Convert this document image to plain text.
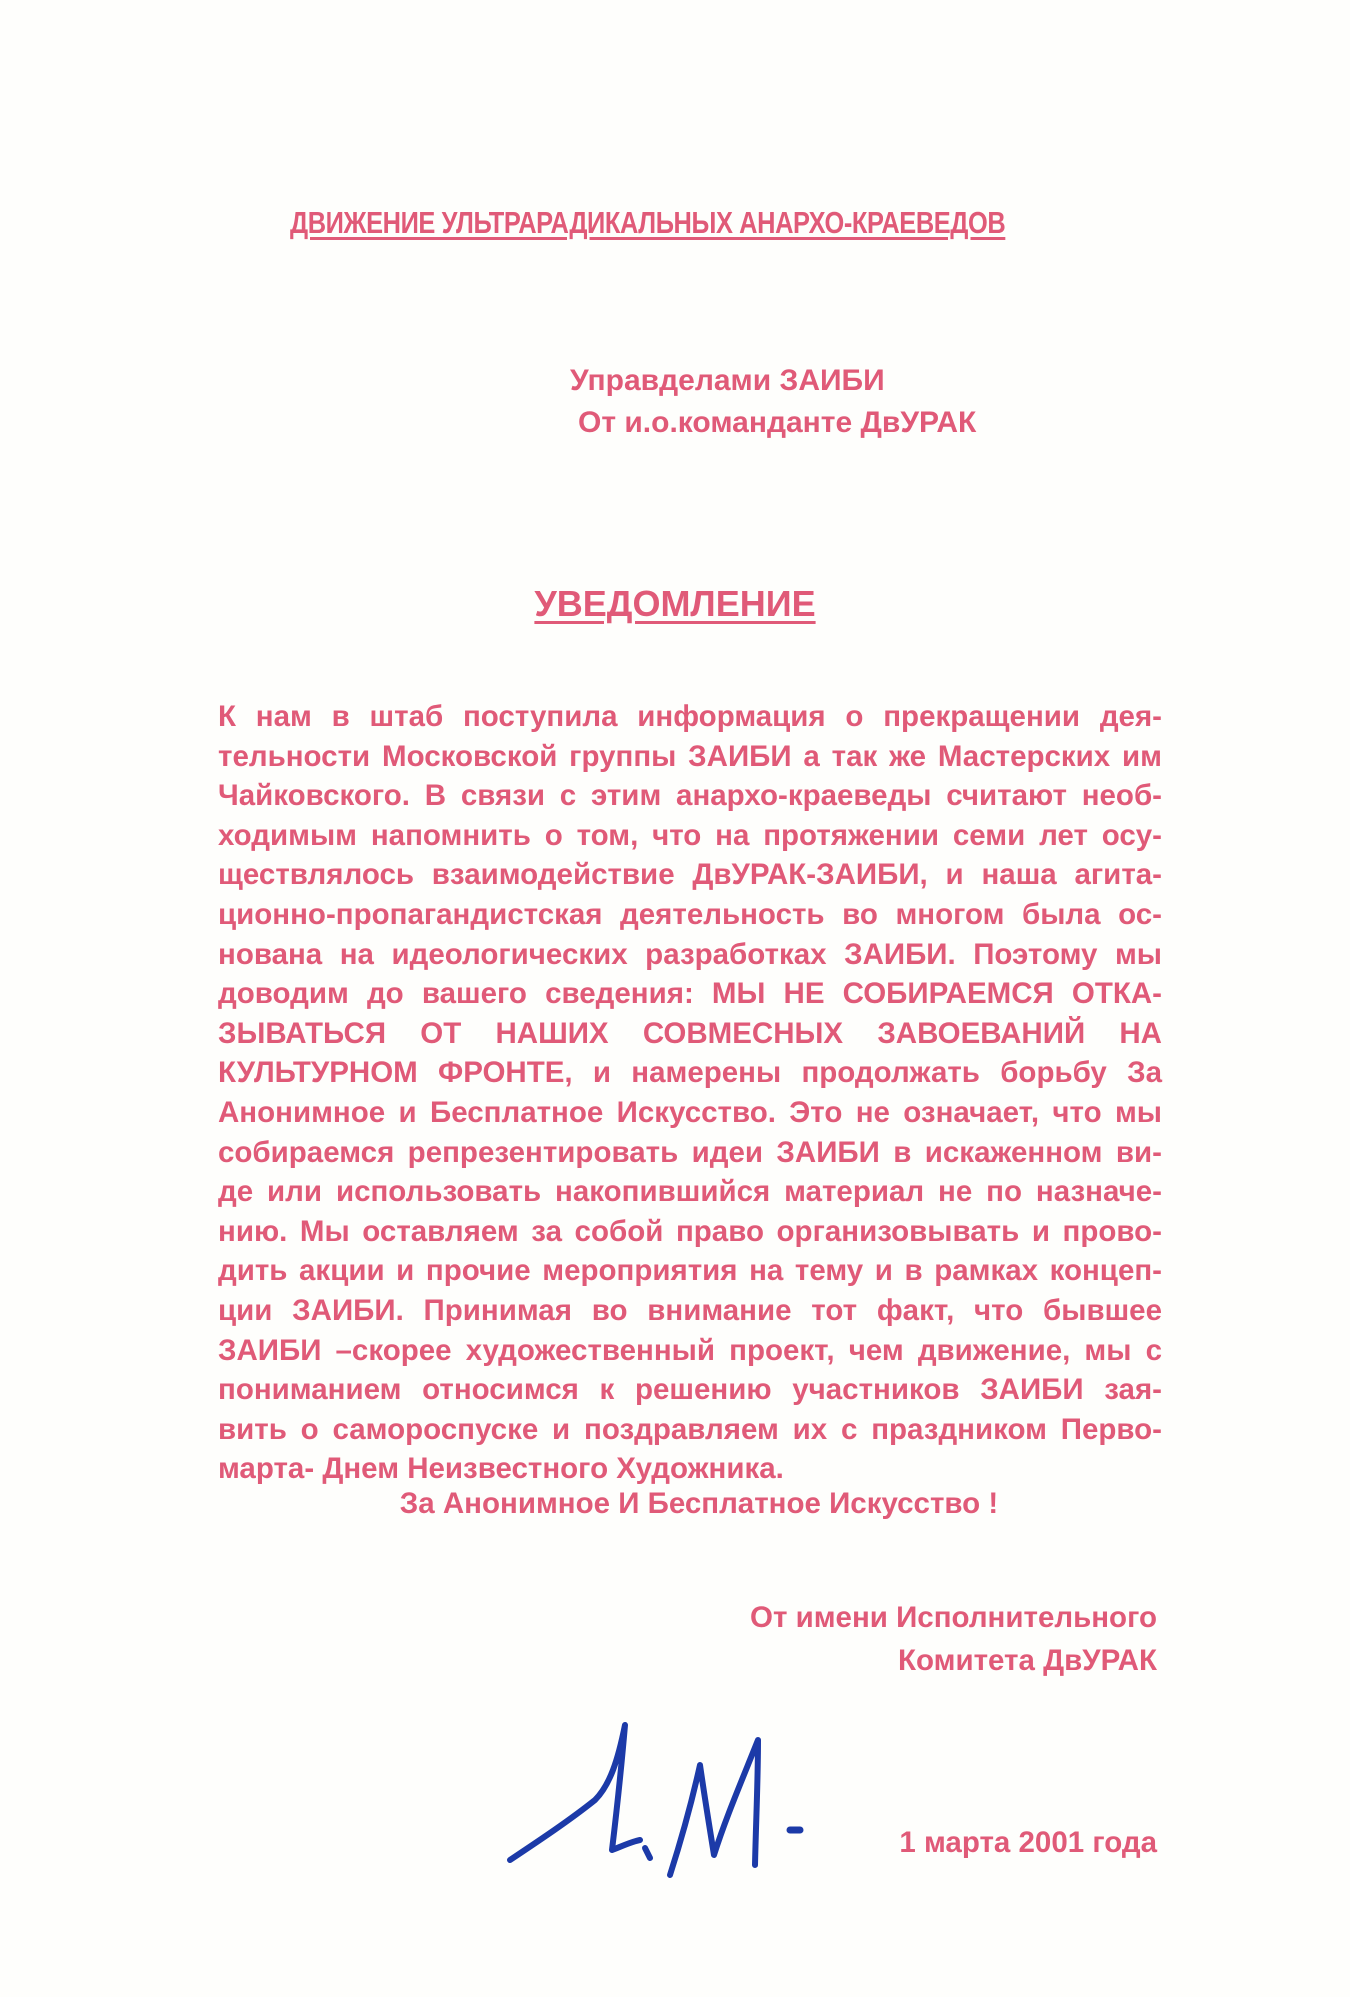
ДВИЖЕНИЕ УЛЬТРАРАДИКАЛЬНЫХ АНАРХО-КРАЕВЕДОВ
Управделами ЗАИБИ
От и.о.команданте ДвУРАК
УВЕДОМЛЕНИЕ
К нам в штаб поступила информация о прекращении дея-
тельности Московской группы ЗАИБИ а так же Мастерских им
Чайковского. В связи с этим анархо-краеведы считают необ-
ходимым напомнить о том, что на протяжении семи лет осу-
ществлялось взаимодействие ДвУРАК-ЗАИБИ, и наша агита-
ционно-пропагандистская деятельность во многом была ос-
нована на идеологических разработках ЗАИБИ. Поэтому мы
доводим до вашего сведения: МЫ НЕ СОБИРАЕМСЯ ОТКА-
ЗЫВАТЬСЯ ОТ НАШИХ СОВМЕСНЫХ ЗАВОЕВАНИЙ НА
КУЛЬТУРНОМ ФРОНТЕ, и намерены продолжать борьбу За
Анонимное и Бесплатное Искусство. Это не означает, что мы
собираемся репрезентировать идеи ЗАИБИ в искаженном ви-
де или использовать накопившийся материал не по назначе-
нию. Мы оставляем за собой право организовывать и прово-
дить акции и прочие мероприятия на тему и в рамках концеп-
ции ЗАИБИ. Принимая во внимание тот факт, что бывшее
ЗАИБИ –скорее художественный проект, чем движение, мы с
пониманием относимся к решению участников ЗАИБИ зая-
вить о самороспуске и поздравляем их с праздником Перво-
марта- Днем Неизвестного Художника.
За Анонимное И Бесплатное Искусство !
От имени Исполнительного
Комитета ДвУРАК
1 марта 2001 года
